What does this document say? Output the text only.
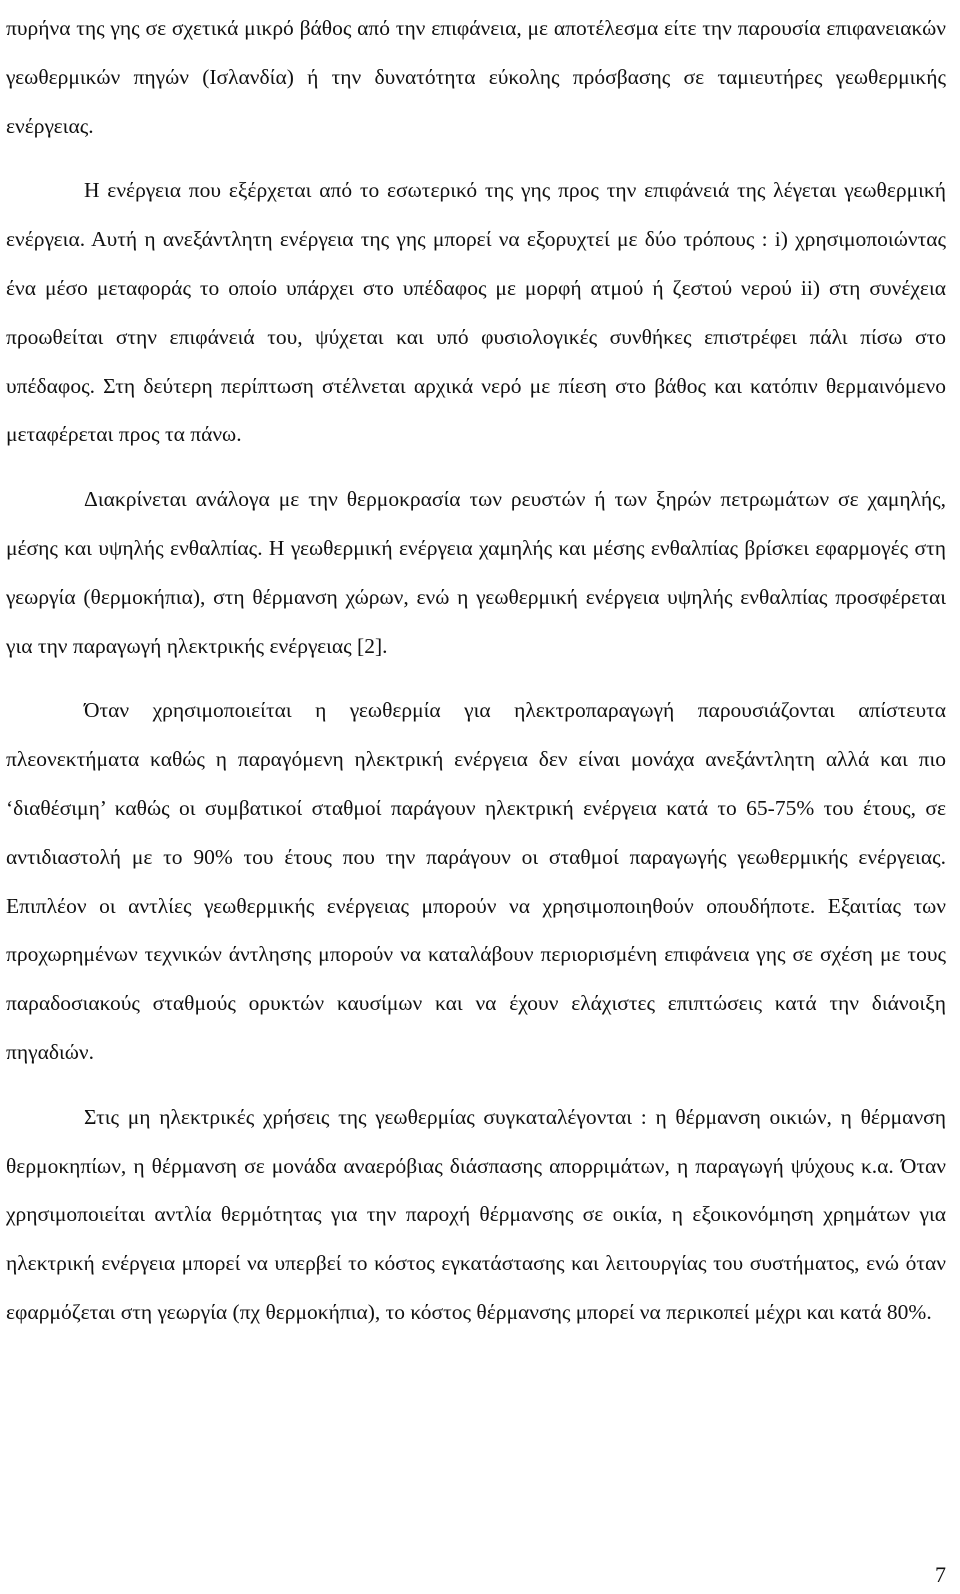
πυρήνα της γης σε σχετικά μικρό βάθος από την επιφάνεια, με αποτέλεσμα είτε την παρουσία επιφανειακών γεωθερμικών πηγών (Ισλανδία) ή την δυνατότητα εύκολης πρόσβασης σε ταμιευτήρες γεωθερμικής ενέργειας.

Η ενέργεια που εξέρχεται από το εσωτερικό της γης προς την επιφάνειά της λέγεται γεωθερμική ενέργεια. Αυτή η ανεξάντλητη ενέργεια της γης μπορεί να εξορυχτεί με δύο τρόπους : i) χρησιμοποιώντας ένα μέσο μεταφοράς το οποίο υπάρχει στο υπέδαφος με μορφή ατμού ή ζεστού νερού ii) στη συνέχεια προωθείται στην επιφάνειά του, ψύχεται και υπό φυσιολογικές συνθήκες επιστρέφει πάλι πίσω στο υπέδαφος. Στη δεύτερη περίπτωση στέλνεται αρχικά νερό με πίεση στο βάθος και κατόπιν θερμαινόμενο μεταφέρεται προς τα πάνω.

Διακρίνεται ανάλογα με την θερμοκρασία των ρευστών ή των ξηρών πετρωμάτων σε χαμηλής, μέσης και υψηλής ενθαλπίας. Η γεωθερμική ενέργεια χαμηλής και μέσης ενθαλπίας βρίσκει εφαρμογές στη γεωργία (θερμοκήπια), στη θέρμανση χώρων, ενώ η γεωθερμική ενέργεια υψηλής ενθαλπίας προσφέρεται για την παραγωγή ηλεκτρικής ενέργειας [2].

Όταν χρησιμοποιείται η γεωθερμία για ηλεκτροπαραγωγή παρουσιάζονται απίστευτα πλεονεκτήματα καθώς η παραγόμενη ηλεκτρική ενέργεια δεν είναι μονάχα ανεξάντλητη αλλά και πιο ‘διαθέσιμη’ καθώς οι συμβατικοί σταθμοί παράγουν ηλεκτρική ενέργεια κατά το 65-75% του έτους, σε αντιδιαστολή με το 90% του έτους που την παράγουν οι σταθμοί παραγωγής γεωθερμικής ενέργειας. Επιπλέον οι αντλίες γεωθερμικής ενέργειας μπορούν να χρησιμοποιηθούν οπουδήποτε. Εξαιτίας των προχωρημένων τεχνικών άντλησης μπορούν να καταλάβουν περιορισμένη επιφάνεια γης σε σχέση με τους παραδοσιακούς σταθμούς ορυκτών καυσίμων και να έχουν ελάχιστες επιπτώσεις κατά την διάνοιξη πηγαδιών.

Στις μη ηλεκτρικές χρήσεις της γεωθερμίας συγκαταλέγονται : η θέρμανση οικιών, η θέρμανση θερμοκηπίων, η θέρμανση σε μονάδα αναερόβιας διάσπασης απορριμάτων, η παραγωγή ψύχους κ.α. Όταν χρησιμοποιείται αντλία θερμότητας για την παροχή θέρμανσης σε οικία, η εξοικονόμηση χρημάτων για ηλεκτρική ενέργεια μπορεί να υπερβεί το κόστος εγκατάστασης και λειτουργίας του συστήματος, ενώ όταν εφαρμόζεται στη γεωργία (πχ θερμοκήπια), το κόστος θέρμανσης μπορεί να περικοπεί μέχρι και κατά 80%.

7
